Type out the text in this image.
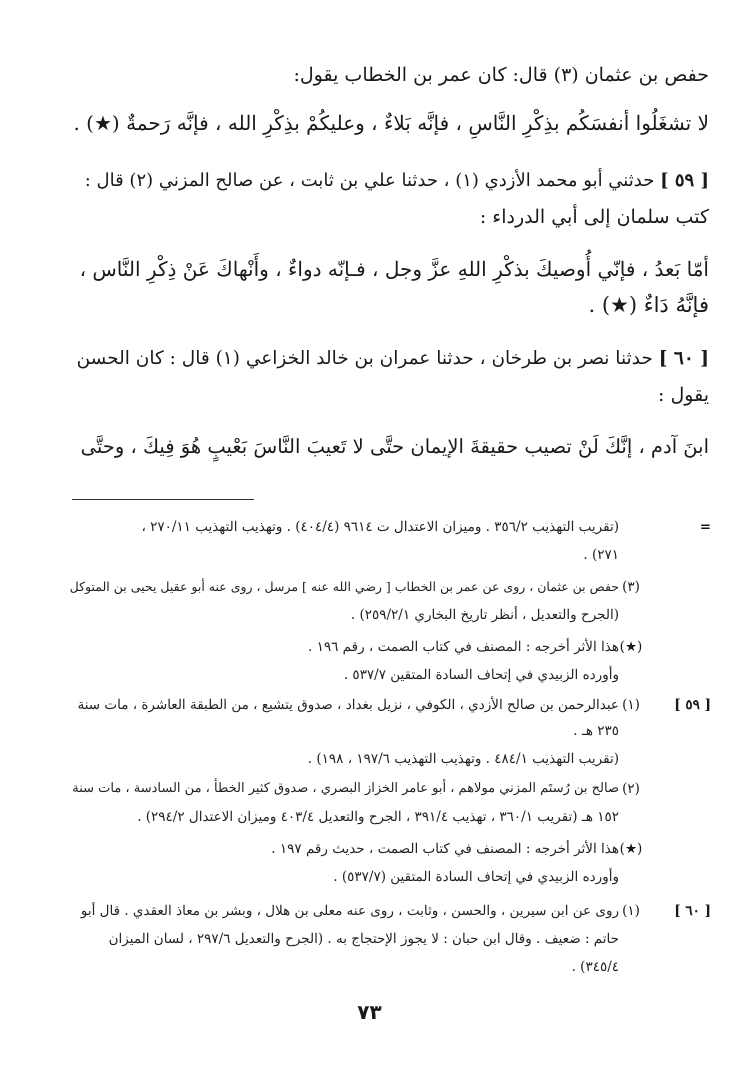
حفص بن عثمان (٣) قال: كان عمر بن الخطاب يقول:
لا تشغَلُوا أنفسَكُم بذِكْرِ النَّاسِ ، فإنَّه بَلاءٌ ، وعليكُمْ بذِكْرِ الله ، فإنَّه رَحمةٌ (★) .
[ ٥٩ ] حدثني أبو محمد الأزدي (١) ، حدثنا علي بن ثابت ، عن صالح المزني (٢) قال :
كتب سلمان إلى أبي الدرداء :
أمّا بَعدُ ، فإنّي أُوصيكَ بذكْرِ اللهِ عزَّ وجل ، فـإنّه دواءٌ ، وأَنْهاكَ عَنْ ذِكْرِ النَّاس ،
فإنَّهُ دَاءٌ (★) .
[ ٦٠ ] حدثنا نصر بن طرخان ، حدثنا عمران بن خالد الخزاعي (١) قال : كان الحسن
يقول :
ابنَ آدم ، إنَّكَ لَنْ تصيب حقيقةَ الإيمان حتَّى لا تَعيبَ النَّاسَ بَعْيبٍ هُوَ فِيكَ ، وحتَّى
=
(تقريب التهذيب ٣٥٦/٢ . وميزان الاعتدال ت ٩٦١٤ (٤٠٤/٤) . وتهذيب التهذيب ٢٧٠/١١ ،
٢٧١) .
(٣)
حفص بن عثمان ، روى عن عمر بن الخطاب [ رضي الله عنه ] مرسل ، روى عنه أبو عقيل يحيى بن المتوكل
(الجرح والتعديل ، أنظر تاريخ البخاري ٢٥٩/٢/١) .
(★)
هذا الأثر أخرجه : المصنف في كتاب الصمت ، رقم ١٩٦ .
وأورده الزبيدي في إتحاف السادة المتقين ٥٣٧/٧ .
[ ٥٩ ]
(١)
عبدالرحمن بن صالح الأزدي ، الكوفي ، نزيل بغداد ، صدوق يتشيع ، من الطبقة العاشرة ، مات سنة
٢٣٥ هـ .
(تقريب التهذيب ٤٨٤/١ . وتهذيب التهذيب ١٩٧/٦ ، ١٩٨) .
(٢)
صالح بن رُستَم المزني مولاهم ، أبو عامر الخزاز البصري ، صدوق كثير الخطأ ، من السادسة ، مات سنة
١٥٢ هـ (تقريب ٣٦٠/١ ، تهذيب ٣٩١/٤ ، الجرح والتعديل ٤٠٣/٤ وميزان الاعتدال ٢٩٤/٢) .
(★)
هذا الأثر أخرجه : المصنف في كتاب الصمت ، حديث رقم ١٩٧ .
وأورده الزبيدي في إتحاف السادة المتقين (٥٣٧/٧) .
[ ٦٠ ]
(١)
روى عن ابن سيرين ، والحسن ، وثابت ، روى عنه معلى بن هلال ، وبشر بن معاذ العقدي . قال أبو
حاتم : ضعيف . وقال ابن حبان : لا يجوز الإحتجاج به . (الجرح والتعديل ٢٩٧/٦ ، لسان الميزان
٣٤٥/٤) .
٧٣
